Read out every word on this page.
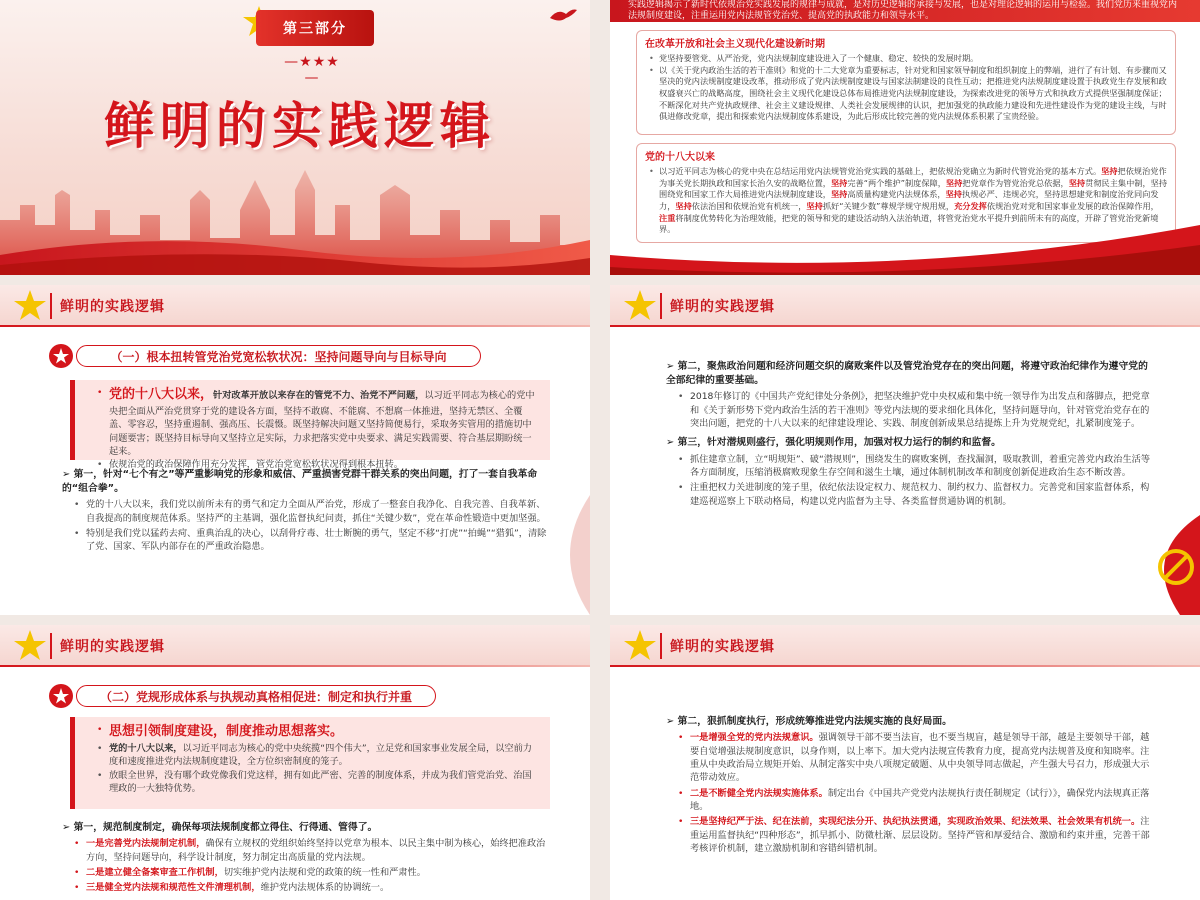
第三部分
—★★★—
鲜明的实践逻辑
实践逻辑揭示了新时代依规治党实践发展的规律与成就，是对历史逻辑的承接与发展，也是对理论逻辑的运用与检验。我们党历来重视党内法规制度建设，注重运用党内法规管党治党、提高党的执政能力和领导水平。
在改革开放和社会主义现代化建设新时期
• 党坚持要管党、从严治党，党内法规制度建设进入了一个健康、稳定、较快的发展时期。
• 以《关于党内政治生活的若干准则》和党的十二大党章为重要标志，针对党和国家领导制度和组织制度上的弊端，进行了有计划、有步骤而又坚决的党内法规制度建设改革，推动形成了党内法规制度建设与国家法制建设的良性互动；把推进党内法规制度建设置于执政党生存发展和政权盛衰兴亡的战略高度，围绕社会主义现代化建设总体布局推进党内法规制度建设，为探索改进党的领导方式和执政方式提供坚强制度保证；不断深化对共产党执政规律、社会主义建设规律、人类社会发展规律的认识，把加强党的执政能力建设和先进性建设作为党的建设主线，与时俱进修改党章，提出和探索党内法规制度体系建设，为此后形成比较完善的党内法规体系积累了宝贵经验。
党的十八大以来
• 以习近平同志为核心的党中央在总结运用党内法规管党治党实践的基础上，把依规治党确立为新时代管党治党的基本方式。坚持把依规治党作为事关党长期执政和国家长治久安的战略位置，坚持完善“两个维护”制度保障，坚持把党章作为管党治党总依据，坚持贯彻民主集中制，坚持围绕党和国家工作大局推进党内法规制度建设，坚持高质量构建党内法规体系，坚持执规必严、违规必究，坚持思想建党和制度治党同向发力，坚持依法治国和依规治党有机统一，坚持抓好“关键少数”尊规学规守规用规，充分发挥依规治党对党和国家事业发展的政治保障作用，注重将制度优势转化为治理效能，把党的领导和党的建设活动纳入法治轨道，将管党治党水平提升到前所未有的高度，开辟了管党治党新境界。
鲜明的实践逻辑
（一）根本扭转管党治党宽松软状况：坚持问题导向与目标导向
• 党的十八大以来，针对改革开放以来存在的管党不力、治党不严问题，以习近平同志为核心的党中央把全面从严治党贯穿于党的建设各方面，坚持不敢腐、不能腐、不想腐一体推进，坚持无禁区、全覆盖、零容忍，坚持重遏制、强高压、长震慑。既坚持解决问题又坚持简便易行，采取务实管用的措施切中问题要害；既坚持目标导向又坚持立足实际，力求把落实党中央要求、满足实践需要、符合基层期盼统一起来。
• 依规治党的政治保障作用充分发挥，管党治党宽松软状况得到根本扭转。

➢ 第一，针对“七个有之”等严重影响党的形象和威信、严重损害党群干群关系的突出问题，打了一套自我革命的“组合拳”。

• 党的十八大以来，我们党以前所未有的勇气和定力全面从严治党，形成了一整套自我净化、自我完善、自我革新、自我提高的制度规范体系。坚持严的主基调，强化监督执纪问责，抓住“关键少数”，党在革命性锻造中更加坚强。

• 特别是我们党以猛药去疴、重典治乱的决心，以刮骨疗毒、壮士断腕的勇气，坚定不移“打虎”“拍蝇”“猎狐”，清除了党、国家、军队内部存在的严重政治隐患。

鲜明的实践逻辑

➢ 第二，聚焦政治问题和经济问题交织的腐败案件以及管党治党存在的突出问题，将遵守政治纪律作为遵守党的全部纪律的重要基础。

• 2018年修订的《中国共产党纪律处分条例》，把坚决维护党中央权威和集中统一领导作为出发点和落脚点，把党章和《关于新形势下党内政治生活的若干准则》等党内法规的要求细化具体化，坚持问题导向，针对管党治党存在的突出问题，把党的十八大以来的纪律建设理论、实践、制度创新成果总结提炼上升为党规党纪，扎紧制度笼子。

➢ 第三，针对潜规则盛行，强化明规则作用，加强对权力运行的制约和监督。

• 抓住建章立制，立“明规矩”、破“潜规则”，围绕发生的腐败案例，查找漏洞，吸取教训，着重完善党内政治生活等各方面制度，压缩消极腐败现象生存空间和滋生土壤，通过体制机制改革和制度创新促进政治生态不断改善。

• 注重把权力关进制度的笼子里，依纪依法设定权力、规范权力、制约权力、监督权力。完善党和国家监督体系，构建巡视巡察上下联动格局，构建以党内监督为主导、各类监督贯通协调的机制。

鲜明的实践逻辑
（二）党规形成体系与执规动真格相促进：制定和执行并重
• 思想引领制度建设，制度推动思想落实。
• 党的十八大以来，以习近平同志为核心的党中央统揽“四个伟大”，立足党和国家事业发展全局，以空前力度和速度推进党内法规制度建设，全方位织密制度的笼子。
• 放眼全世界，没有哪个政党像我们党这样，拥有如此严密、完善的制度体系，并成为我们管党治党、治国理政的一大独特优势。

➢ 第一，规范制度制定，确保每项法规制度都立得住、行得通、管得了。

• 一是完善党内法规制定机制，确保有立规权的党组织始终坚持以党章为根本、以民主集中制为核心，始终把准政治方向，坚持问题导向，科学设计制度，努力制定出高质量的党内法规。

• 二是建立健全备案审查工作机制，切实维护党内法规和党的政策的统一性和严肃性。

• 三是健全党内法规和规范性文件清理机制，维护党内法规体系的协调统一。

鲜明的实践逻辑

➢ 第二，狠抓制度执行，形成统筹推进党内法规实施的良好局面。

• 一是增强全党的党内法规意识。强调领导干部不要当法盲，也不要当规盲，越是领导干部，越是主要领导干部，越要自觉增强法规制度意识，以身作则，以上率下。加大党内法规宣传教育力度，提高党内法规普及度和知晓率。注重从中央政治局立规矩开始、从制定落实中央八项规定破题、从中央领导同志做起，产生强大号召力，形成强大示范带动效应。

• 二是不断健全党内法规实施体系。制定出台《中国共产党党内法规执行责任制规定（试行）》，确保党内法规真正落地。

• 三是坚持纪严于法、纪在法前，实现纪法分开、执纪执法贯通，实现政治效果、纪法效果、社会效果有机统一。注重运用监督执纪“四种形态”，抓早抓小、防微杜渐、层层设防。坚持严管和厚爱结合、激励和约束并重，完善干部考核评价机制，建立激励机制和容错纠错机制。
